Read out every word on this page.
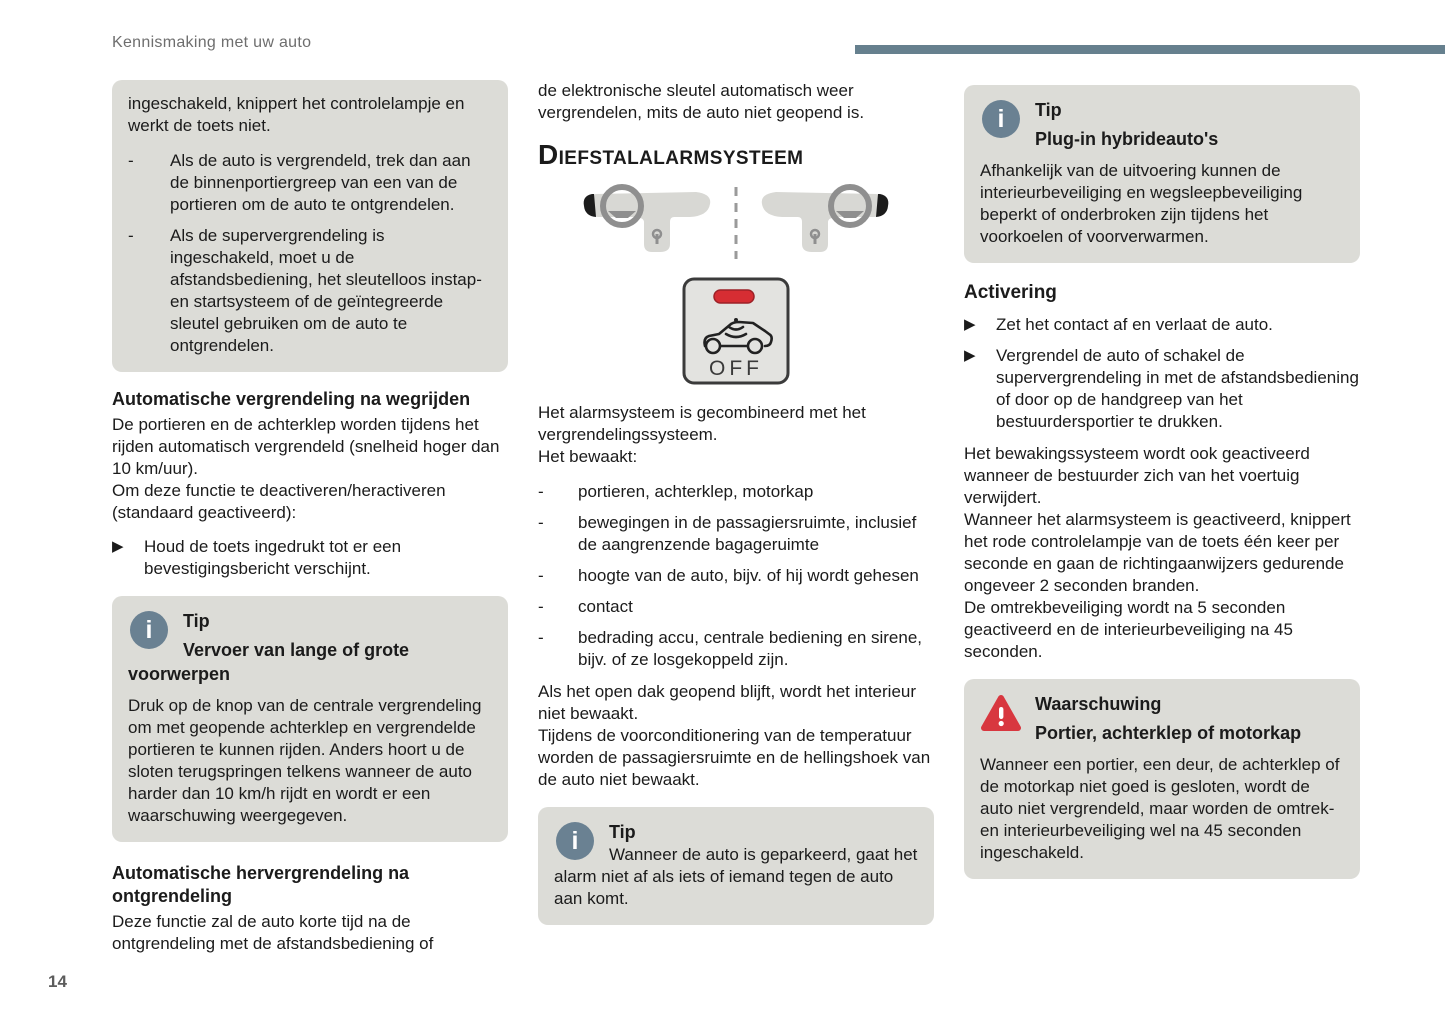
Kennismaking met uw auto

ingeschakeld, knippert het controlelampje en werkt de toets niet.

-	Als de auto is vergrendeld, trek dan aan de binnenportiergreep van een van de portieren om de auto te ontgrendelen.
-	Als de supervergrendeling is ingeschakeld, moet u de afstandsbediening, het sleutelloos instap- en startsysteem of de geïntegreerde sleutel gebruiken om de auto te ontgrendelen.
Automatische vergrendeling na wegrijden

De portieren en de achterklep worden tijdens het rijden automatisch vergrendeld (snelheid hoger dan 10 km/uur).

Om deze functie te deactiveren/heractiveren (standaard geactiveerd):

▶	Houd de toets ingedrukt tot er een bevestigingsbericht verschijnt.
i	Tip
Vervoer van lange of grote voorwerpen
Druk op de knop van de centrale vergrendeling om met geopende achterklep en vergrendelde portieren te kunnen rijden. Anders hoort u de sloten terugspringen telkens wanneer de auto harder dan 10 km/h rijdt en wordt er een waarschuwing weergegeven.
Automatische hervergrendeling na ontgrendeling

Deze functie zal de auto korte tijd na de ontgrendeling met de afstandsbediening of

de elektronische sleutel automatisch weer vergrendelen, mits de auto niet geopend is.

DIEFSTALALARMSYSTEEM
OFF

Het alarmsysteem is gecombineerd met het vergrendelingssysteem.

Het bewaakt:

-	portieren, achterklep, motorkap
-	bewegingen in de passagiersruimte, inclusief de aangrenzende bagageruimte
-	hoogte van de auto, bijv. of hij wordt gehesen
-	contact
-	bedrading accu, centrale bediening en sirene, bijv. of ze losgekoppeld zijn.

Als het open dak geopend blijft, wordt het interieur niet bewaakt.

Tijdens de voorconditionering van de temperatuur worden de passagiersruimte en de hellingshoek van de auto niet bewaakt.

i	Tip
Wanneer de auto is geparkeerd, gaat het alarm niet af als iets of iemand tegen de auto aan komt.
i	Tip
Plug-in hybrideauto's
Afhankelijk van de uitvoering kunnen de interieurbeveiliging en wegsleepbeveiliging beperkt of onderbroken zijn tijdens het voorkoelen of voorverwarmen.
Activering
▶	Zet het contact af en verlaat de auto.
▶	Vergrendel de auto of schakel de supervergrendeling in met de afstandsbediening of door op de handgreep van het bestuurdersportier te drukken.

Het bewakingssysteem wordt ook geactiveerd wanneer de bestuurder zich van het voertuig verwijdert.

Wanneer het alarmsysteem is geactiveerd, knippert het rode controlelampje van de toets één keer per seconde en gaan de richtingaanwijzers gedurende ongeveer 2 seconden branden.

De omtrekbeveiliging wordt na 5 seconden geactiveerd en de interieurbeveiliging na 45 seconden.

Waarschuwing
Portier, achterklep of motorkap
Wanneer een portier, een deur, de achterklep of de motorkap niet goed is gesloten, wordt de auto niet vergrendeld, maar worden de omtrek- en interieurbeveiliging wel na 45 seconden ingeschakeld.
14
